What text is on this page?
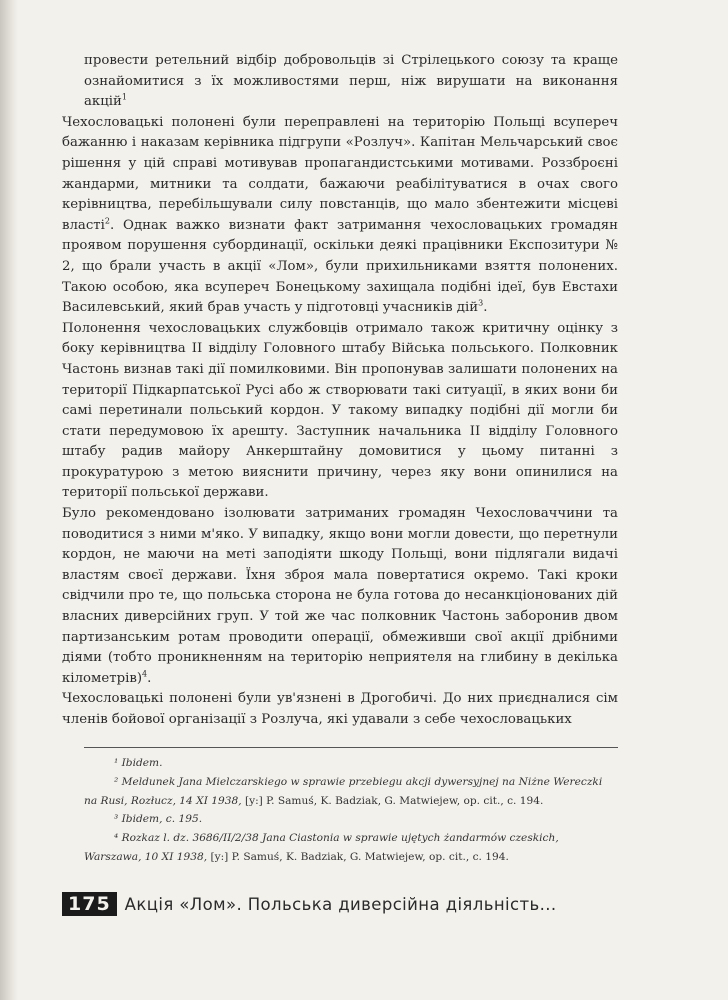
провести ретельний відбір добровольців зі Стрілецького союзу та краще ознайомитися з їх можливостями перш, ніж вирушати на виконання акцій$^1$

Чехословацькі полонені були переправлені на територію Польщі всупереч бажанню і наказам керівника підгрупи «Розлуч». Капітан Мельчарський своє рішення у цій справі мотивував пропагандистськими мотивами. Роззброєні жандарми, митники та солдати, бажаючи реабілітуватися в очах свого керівництва, перебільшували силу повстанців, що мало збентежити місцеві власті$^2$. Однак важко визнати факт затримання чехословацьких громадян проявом порушення субординації, оскільки деякі працівники Експозитури № 2, що брали участь в акції «Лом», були прихильниками взяття полонених. Такою особою, яка всупереч Бонецькому захищала подібні ідеї, був Евстахи Василевський, який брав участь у підготовці учасників дій$^3$.

Полонення чехословацьких службовців отримало також критичну оцінку з боку керівництва II відділу Головного штабу Війська польського. Полковник Частонь визнав такі дії помилковими. Він пропонував залишати полонених на території Підкарпатської Русі або ж створювати такі ситуації, в яких вони би самі перетинали польський кордон. У такому випадку подібні дії могли би стати передумовою їх арешту. Заступник начальника II відділу Головного штабу радив майору Анкерштайну домовитися у цьому питанні з прокуратурою з метою вияснити причину, через яку вони опинилися на території польської держави.

Було рекомендовано ізолювати затриманих громадян Чехословаччини та поводитися з ними м'яко. У випадку, якщо вони могли довести, що перетнули кордон, не маючи на меті заподіяти шкоду Польщі, вони підлягали видачі властям своєї держави. Їхня зброя мала повертатися окремо. Такі кроки свідчили про те, що польська сторона не була готова до несанкціонованих дій власних диверсійних груп. У той же час полковник Частонь заборонив двом партизанським ротам проводити операції, обмеживши свої акції дрібними діями (тобто проникненням на територію неприятеля на глибину в декілька кілометрів)$^4$.

Чехословацькі полонені були ув'язнені в Дрогобичі. До них приєдналися сім членів бойової організації з Розлуча, які удавали з себе чехословацьких

¹ Ibidem.

² Meldunek Jana Mielczarskiego w sprawie przebiegu akcji dywersyjnej na Niżne Wereczki na Rusi, Rozłucz, 14 XI 1938, [y:] P. Samuś, K. Badziak, G. Matwiejew, op. cit., c. 194.

³ Ibidem, c. 195.

⁴ Rozkaz l. dz. 3686/II/2/38 Jana Ciastonia w sprawie ujętych żandarmów czeskich, Warszawa, 10 XI 1938, [y:] P. Samuś, K. Badziak, G. Matwiejew, op. cit., c. 194.

175 Акція «Лом». Польська диверсійна діяльність...
